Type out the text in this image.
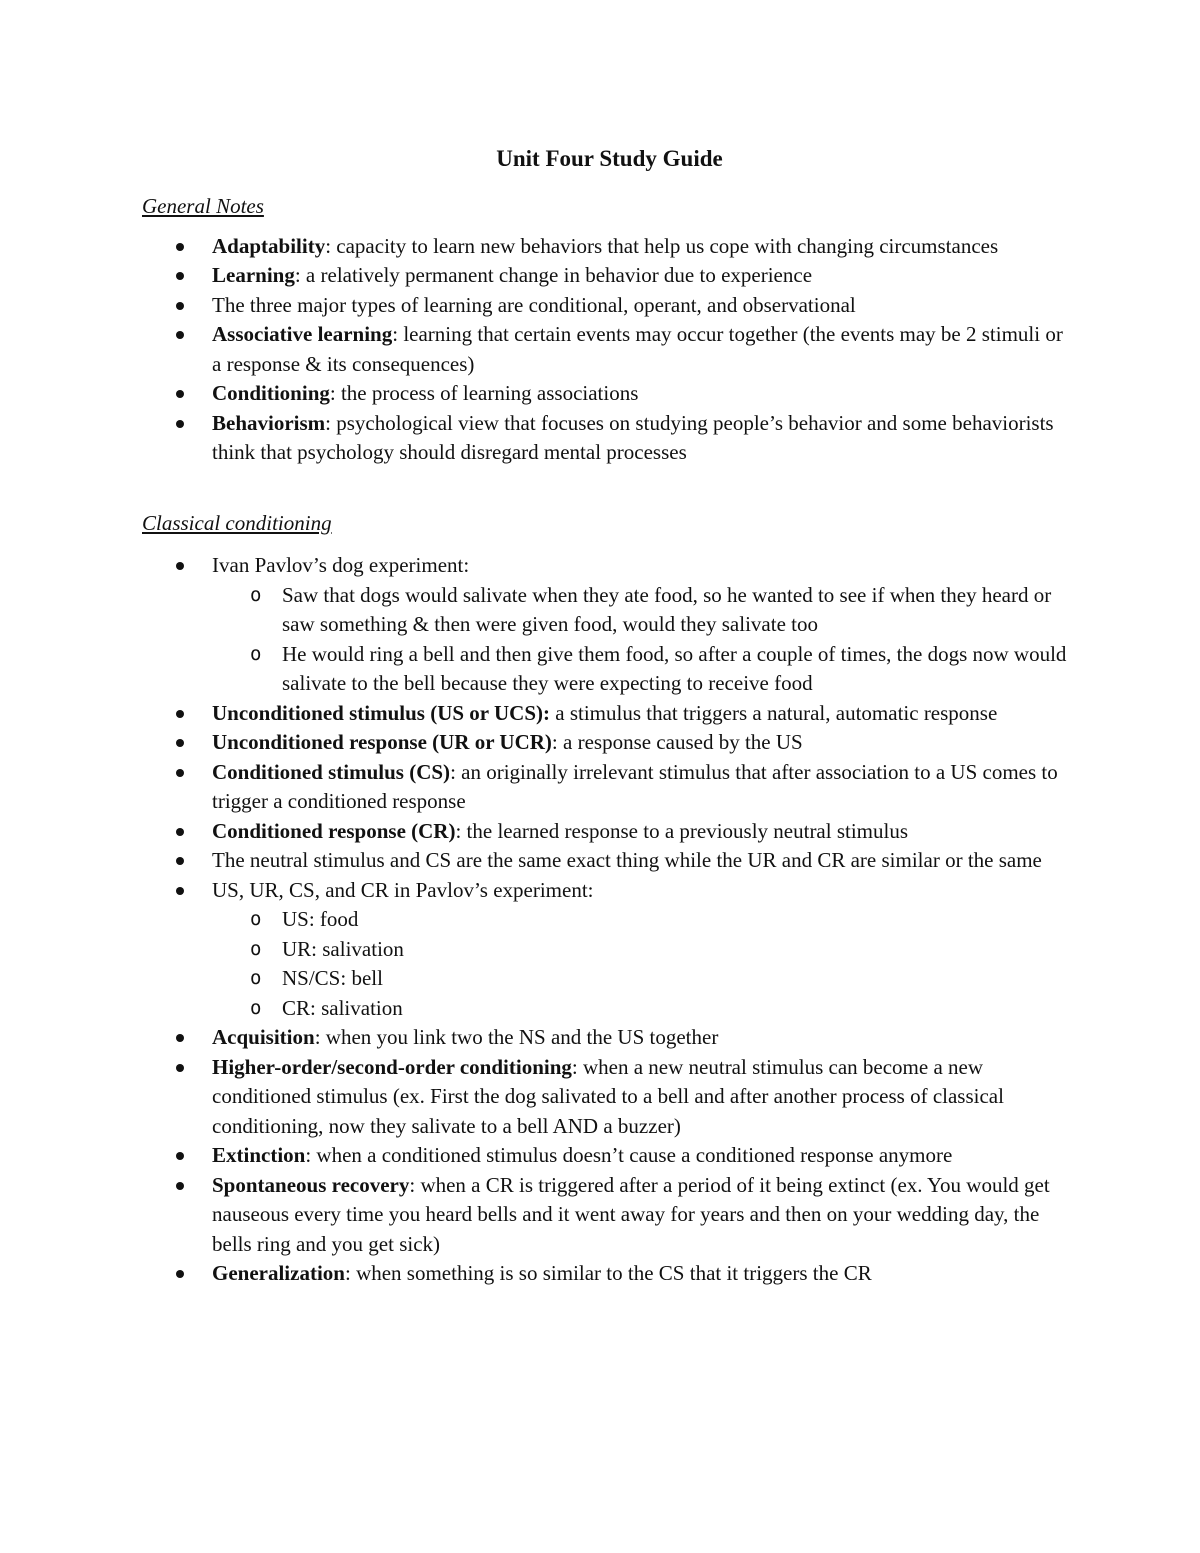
Unit Four Study Guide
General Notes
Adaptability: capacity to learn new behaviors that help us cope with changing circumstances
Learning: a relatively permanent change in behavior due to experience
The three major types of learning are conditional, operant, and observational
Associative learning: learning that certain events may occur together (the events may be 2 stimuli or a response & its consequences)
Conditioning: the process of learning associations
Behaviorism: psychological view that focuses on studying people’s behavior and some behaviorists think that psychology should disregard mental processes
Classical conditioning
Ivan Pavlov’s dog experiment:
o Saw that dogs would salivate when they ate food, so he wanted to see if when they heard or saw something & then were given food, would they salivate too
o He would ring a bell and then give them food, so after a couple of times, the dogs now would salivate to the bell because they were expecting to receive food
Unconditioned stimulus (US or UCS): a stimulus that triggers a natural, automatic response
Unconditioned response (UR or UCR): a response caused by the US
Conditioned stimulus (CS): an originally irrelevant stimulus that after association to a US comes to trigger a conditioned response
Conditioned response (CR): the learned response to a previously neutral stimulus
The neutral stimulus and CS are the same exact thing while the UR and CR are similar or the same
US, UR, CS, and CR in Pavlov’s experiment:
o US: food
o UR: salivation
o NS/CS: bell
o CR: salivation
Acquisition: when you link two the NS and the US together
Higher-order/second-order conditioning: when a new neutral stimulus can become a new conditioned stimulus (ex. First the dog salivated to a bell and after another process of classical conditioning, now they salivate to a bell AND a buzzer)
Extinction: when a conditioned stimulus doesn’t cause a conditioned response anymore
Spontaneous recovery: when a CR is triggered after a period of it being extinct (ex. You would get nauseous every time you heard bells and it went away for years and then on your wedding day, the bells ring and you get sick)
Generalization: when something is so similar to the CS that it triggers the CR
